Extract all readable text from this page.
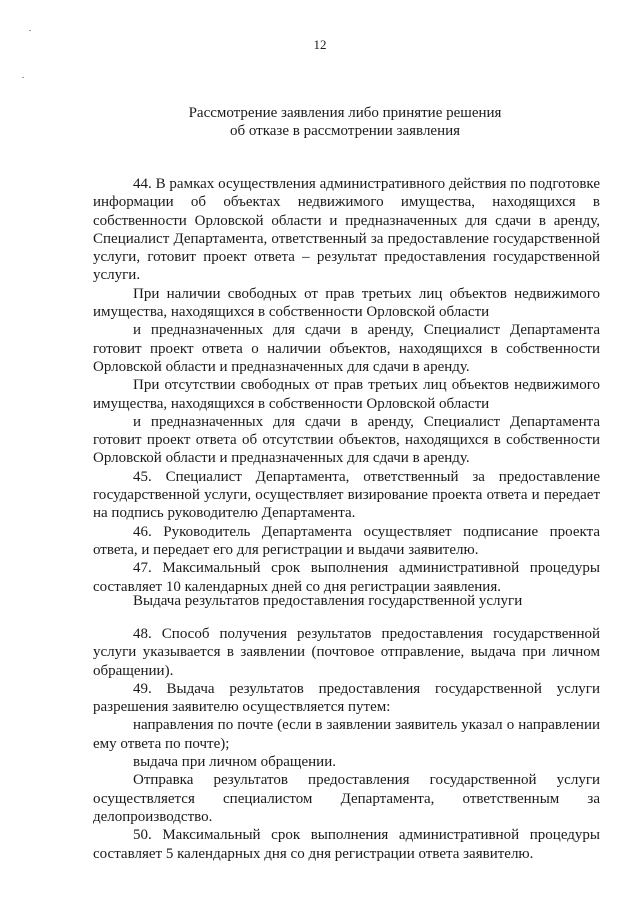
12
Рассмотрение заявления либо принятие решения
об отказе в рассмотрении заявления

44. В рамках осуществления административного действия по подготовке информации об объектах недвижимого имущества, находящихся в собственности Орловской области и предназначенных для сдачи в аренду, Специалист Департамента, ответственный за предоставление государственной услуги, готовит проект ответа – результат предоставления государственной услуги.

При наличии свободных от прав третьих лиц объектов недвижимого имущества, находящихся в собственности Орловской области

и предназначенных для сдачи в аренду, Специалист Департамента готовит проект ответа о наличии объектов, находящихся в собственности Орловской области и предназначенных для сдачи в аренду.

При отсутствии свободных от прав третьих лиц объектов недвижимого имущества, находящихся в собственности Орловской области

и предназначенных для сдачи в аренду, Специалист Департамента готовит проект ответа об отсутствии объектов, находящихся в собственности Орловской области и предназначенных для сдачи в аренду.

45. Специалист Департамента, ответственный за предоставление государственной услуги, осуществляет визирование проекта ответа и передает на подпись руководителю Департамента.

46. Руководитель Департамента осуществляет подписание проекта ответа, и передает его для регистрации и выдачи заявителю.

47. Максимальный срок выполнения административной процедуры составляет 10 календарных дней со дня регистрации заявления.

Выдача результатов предоставления государственной услуги

48. Способ получения результатов предоставления государственной услуги указывается в заявлении (почтовое отправление, выдача при личном обращении).

49. Выдача результатов предоставления государственной услуги разрешения заявителю осуществляется путем:

направления по почте (если в заявлении заявитель указал о направлении ему ответа по почте);

выдача при личном обращении.

Отправка результатов предоставления государственной услуги осуществляется специалистом Департамента, ответственным за делопроизводство.

50. Максимальный срок выполнения административной процедуры составляет 5 календарных дня со дня регистрации ответа заявителю.
